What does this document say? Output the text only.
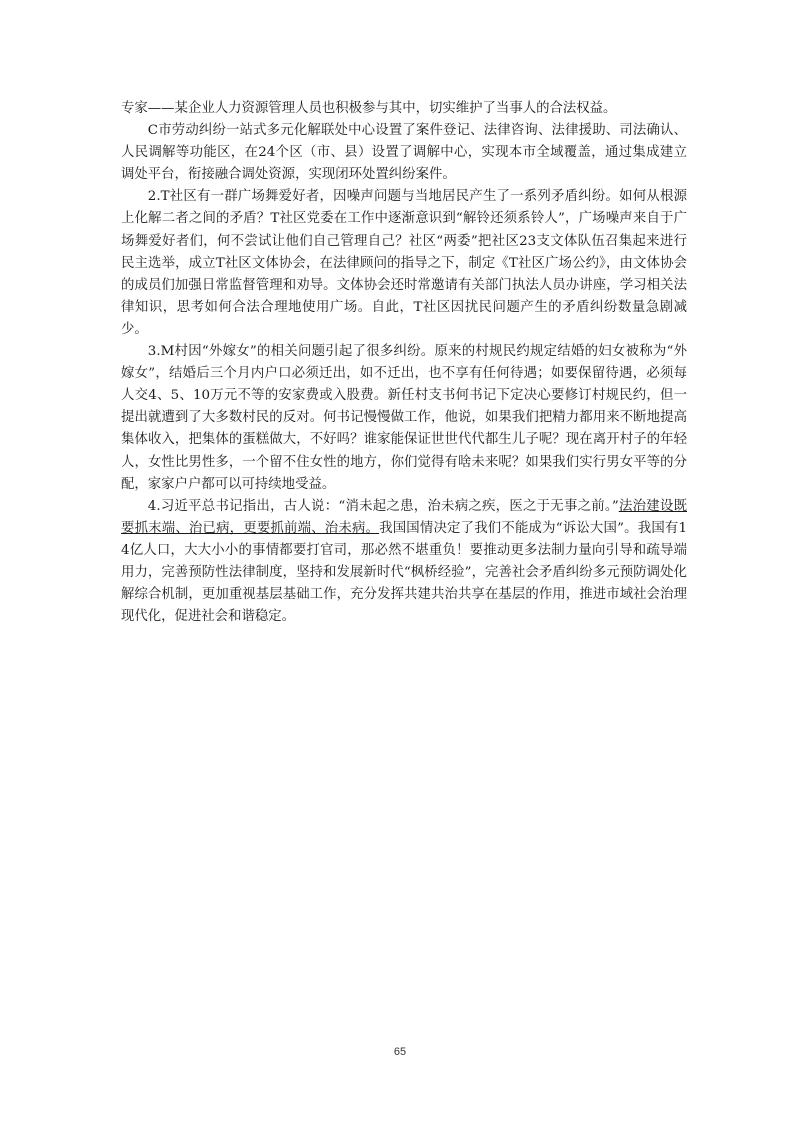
专家——某企业人力资源管理人员也积极参与其中，切实维护了当事人的合法权益。

C市劳动纠纷一站式多元化解联处中心设置了案件登记、法律咨询、法律援助、司法确认、人民调解等功能区，在24个区（市、县）设置了调解中心，实现本市全域覆盖，通过集成建立调处平台，衔接融合调处资源，实现闭环处置纠纷案件。

2.T社区有一群广场舞爱好者，因噪声问题与当地居民产生了一系列矛盾纠纷。如何从根源上化解二者之间的矛盾？T社区党委在工作中逐渐意识到“解铃还须系铃人”，广场噪声来自于广场舞爱好者们，何不尝试让他们自己管理自己？社区“两委”把社区23支文体队伍召集起来进行民主选举，成立T社区文体协会，在法律顾问的指导之下，制定《T社区广场公约》，由文体协会的成员们加强日常监督管理和劝导。文体协会还时常邀请有关部门执法人员办讲座，学习相关法律知识，思考如何合法合理地使用广场。自此，T社区因扰民问题产生的矛盾纠纷数量急剧减少。

3.M村因“外嫁女”的相关问题引起了很多纠纷。原来的村规民约规定结婚的妇女被称为“外嫁女”，结婚后三个月内户口必须迁出，如不迁出，也不享有任何待遇；如要保留待遇，必须每人交4、5、10万元不等的安家费或入股费。新任村支书何书记下定决心要修订村规民约，但一提出就遭到了大多数村民的反对。何书记慢慢做工作，他说，如果我们把精力都用来不断地提高集体收入，把集体的蛋糕做大，不好吗？谁家能保证世世代代都生儿子呢？现在离开村子的年轻人，女性比男性多，一个留不住女性的地方，你们觉得有啥未来呢？如果我们实行男女平等的分配，家家户户都可以可持续地受益。

4.习近平总书记指出，古人说：“消未起之患，治未病之疾，医之于无事之前。”法治建设既要抓末端、治已病，更要抓前端、治未病。我国国情决定了我们不能成为“诉讼大国”。我国有14亿人口，大大小小的事情都要打官司，那必然不堪重负！要推动更多法制力量向引导和疏导端用力，完善预防性法律制度，坚持和发展新时代“枫桥经验”，完善社会矛盾纠纷多元预防调处化解综合机制，更加重视基层基础工作，充分发挥共建共治共享在基层的作用，推进市域社会治理现代化，促进社会和谐稳定。

65
